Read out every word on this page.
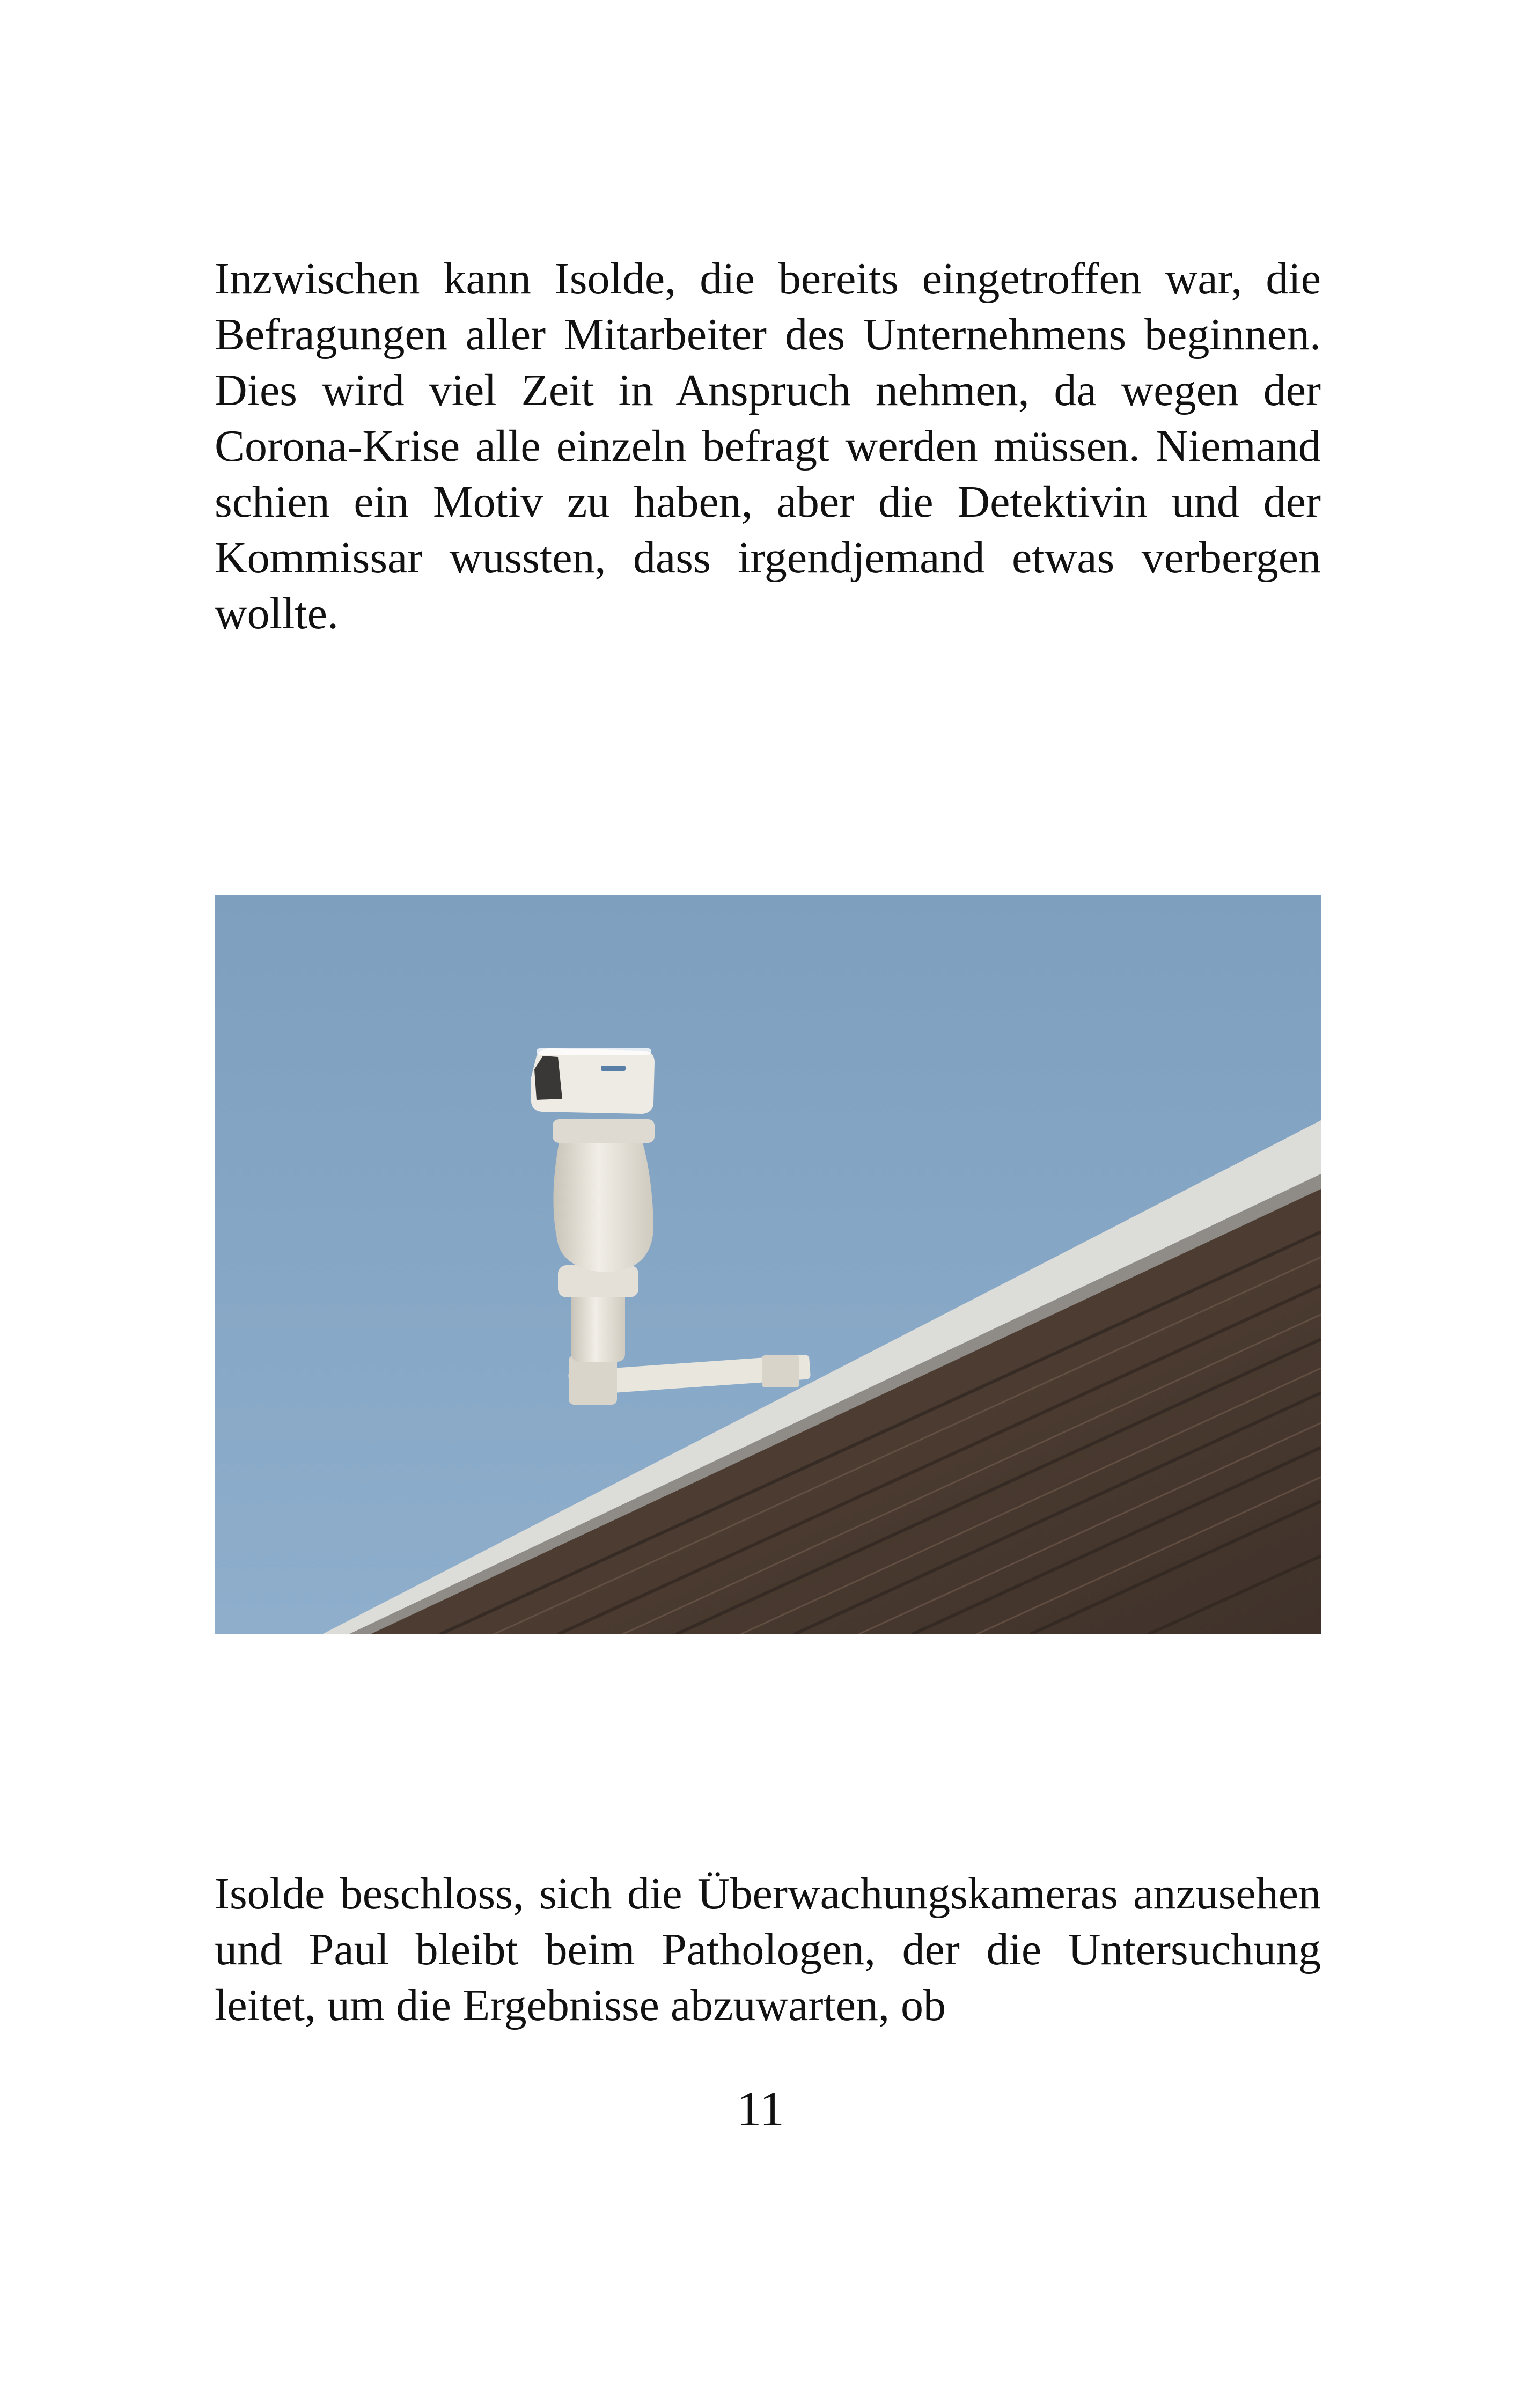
Inzwischen kann Isolde, die bereits eingetroffen war, die Befragungen aller Mitarbeiter des Unternehmens beginnen. Dies wird viel Zeit in Anspruch nehmen, da wegen der Corona-Krise alle einzeln befragt werden müssen. Niemand schien ein Motiv zu haben, aber die Detektivin und der Kommissar wussten, dass irgendjemand etwas verbergen wollte.

Isolde beschloss, sich die Überwachungskameras anzusehen und Paul bleibt beim Pathologen, der die Untersuchung leitet, um die Ergebnisse abzuwarten, ob

11
